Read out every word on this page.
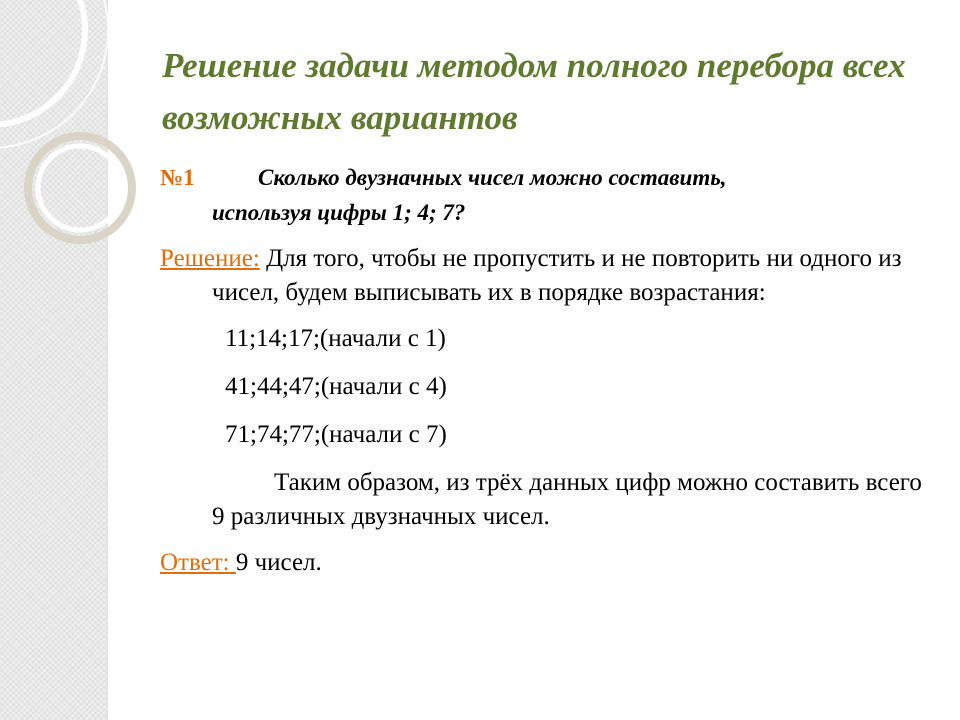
Решение задачи методом полного перебора всех возможных вариантов

№1	Сколько двузначных чисел можно составить,
используя цифры 1; 4; 7?

Решение: Для того, чтобы не пропустить и не повторить ни одного из чисел, будем выписывать их в порядке возрастания:

11;14;17;(начали с 1)

41;44;47;(начали с 4)

71;74;77;(начали с 7)

Таким образом, из трёх данных цифр можно составить всего 9 различных двузначных чисел.

Ответ: 9 чисел.
